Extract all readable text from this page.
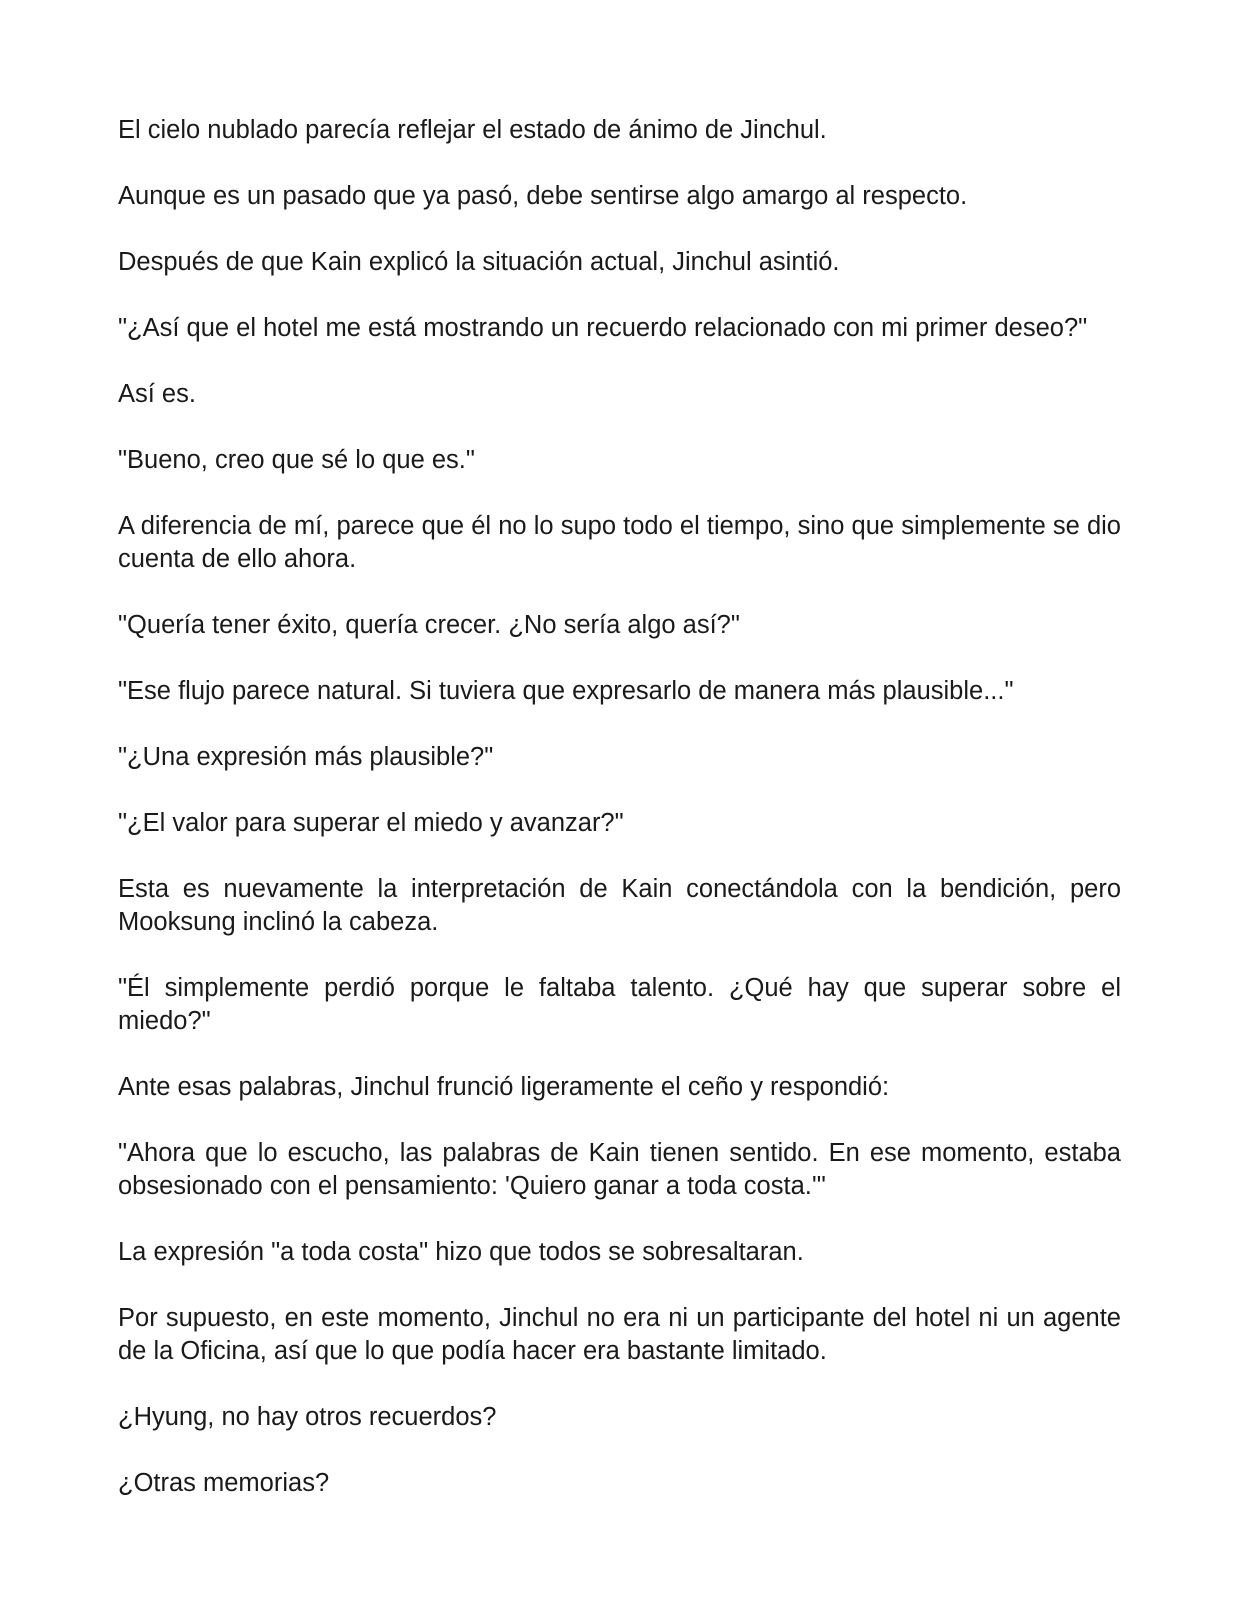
El cielo nublado parecía reflejar el estado de ánimo de Jinchul.

Aunque es un pasado que ya pasó, debe sentirse algo amargo al respecto.

Después de que Kain explicó la situación actual, Jinchul asintió.

"¿Así que el hotel me está mostrando un recuerdo relacionado con mi primer deseo?"

Así es.

"Bueno, creo que sé lo que es."

A diferencia de mí, parece que él no lo supo todo el tiempo, sino que simplemente se dio cuenta de ello ahora.

"Quería tener éxito, quería crecer. ¿No sería algo así?"

"Ese flujo parece natural. Si tuviera que expresarlo de manera más plausible..."

"¿Una expresión más plausible?"

"¿El valor para superar el miedo y avanzar?"

Esta es nuevamente la interpretación de Kain conectándola con la bendición, pero Mooksung inclinó la cabeza.

"Él simplemente perdió porque le faltaba talento. ¿Qué hay que superar sobre el miedo?"

Ante esas palabras, Jinchul frunció ligeramente el ceño y respondió:

"Ahora que lo escucho, las palabras de Kain tienen sentido. En ese momento, estaba obsesionado con el pensamiento: 'Quiero ganar a toda costa.'"

La expresión "a toda costa" hizo que todos se sobresaltaran.

Por supuesto, en este momento, Jinchul no era ni un participante del hotel ni un agente de la Oficina, así que lo que podía hacer era bastante limitado.

¿Hyung, no hay otros recuerdos?

¿Otras memorias?
